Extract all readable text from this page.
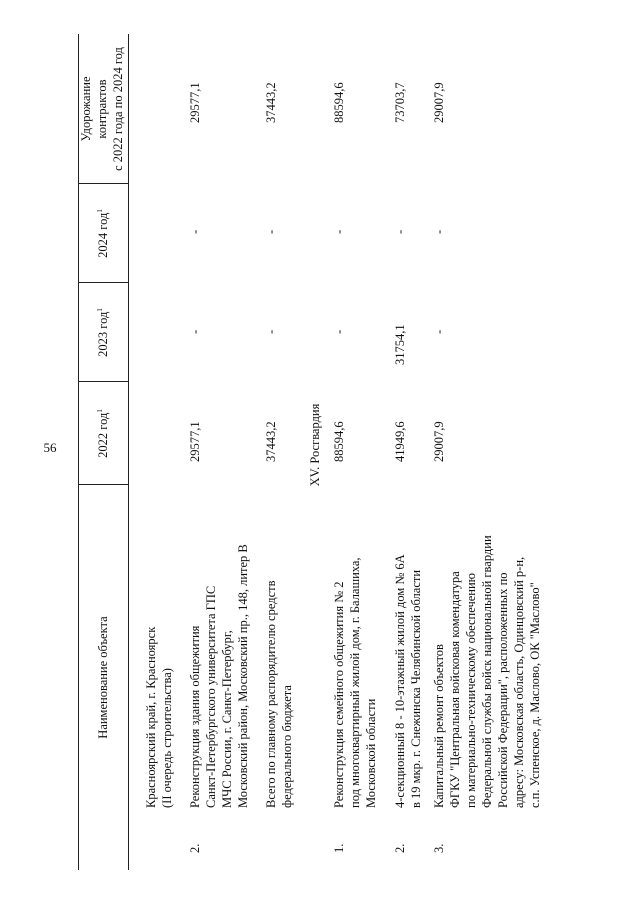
56
Наименование объекта
2022 год$^1$
2023 год$^1$
2024 год$^1$
Удорожание контрактов с 2022 года по 2024 год
Красноярский край, г. Красноярск (II очередь строительства)
2.
Реконструкция здания общежития Санкт-Петербургского университета ГПС МЧС России, г. Санкт-Петербург, Московский район, Московский пр., 148, литер В
29577,1
-
-
29577,1
Всего по главному распорядителю средств федерального бюджета
37443,2
-
-
37443,2
XV. Росгвардия
1.
Реконструкция семейного общежития № 2 под многоквартирный жилой дом, г. Балашиха, Московской области
88594,6
-
-
88594,6
2.
4-секционный 8 - 10-этажный жилой дом № 6А в 19 мкр. г. Снежинска Челябинской области
41949,6
31754,1
-
73703,7
3.
Капитальный ремонт объектов ФГКУ "Центральная войсковая комендатура по материально-техническому обеспечению Федеральной службы войск национальной гвардии Российской Федерации", расположенных по адресу: Московская область, Одинцовский р-н, с.п. Успенское, д. Маслово, ОК "Маслово"
29007,9
-
-
29007,9
